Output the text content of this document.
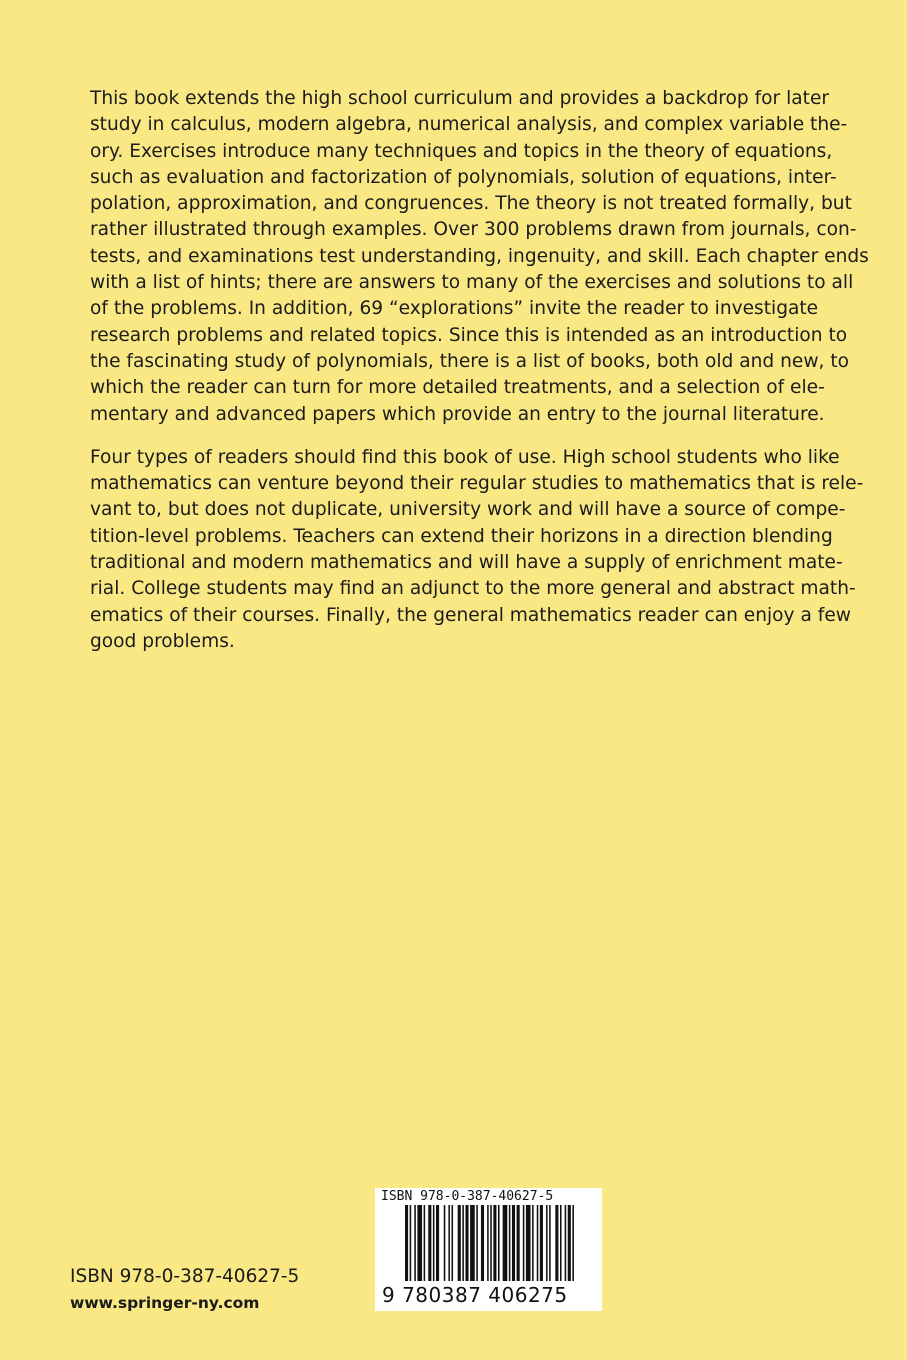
This book extends the high school curriculum and provides a backdrop for later
study in calculus, modern algebra, numerical analysis, and complex variable the-
ory. Exercises introduce many techniques and topics in the theory of equations,
such as evaluation and factorization of polynomials, solution of equations, inter-
polation, approximation, and congruences. The theory is not treated formally, but
rather illustrated through examples. Over 300 problems drawn from journals, con-
tests, and examinations test understanding, ingenuity, and skill. Each chapter ends
with a list of hints; there are answers to many of the exercises and solutions to all
of the problems. In addition, 69 “explorations” invite the reader to investigate
research problems and related topics. Since this is intended as an introduction to
the fascinating study of polynomials, there is a list of books, both old and new, to
which the reader can turn for more detailed treatments, and a selection of ele-
mentary and advanced papers which provide an entry to the journal literature.

Four types of readers should find this book of use. High school students who like
mathematics can venture beyond their regular studies to mathematics that is rele-
vant to, but does not duplicate, university work and will have a source of compe-
tition-level problems. Teachers can extend their horizons in a direction blending
traditional and modern mathematics and will have a supply of enrichment mate-
rial. College students may find an adjunct to the more general and abstract math-
ematics of their courses. Finally, the general mathematics reader can enjoy a few
good problems.

ISBN 978-0-387-40627-5
www.springer-ny.com
ISBN 978-0-387-40627-5
9 780387 406275
